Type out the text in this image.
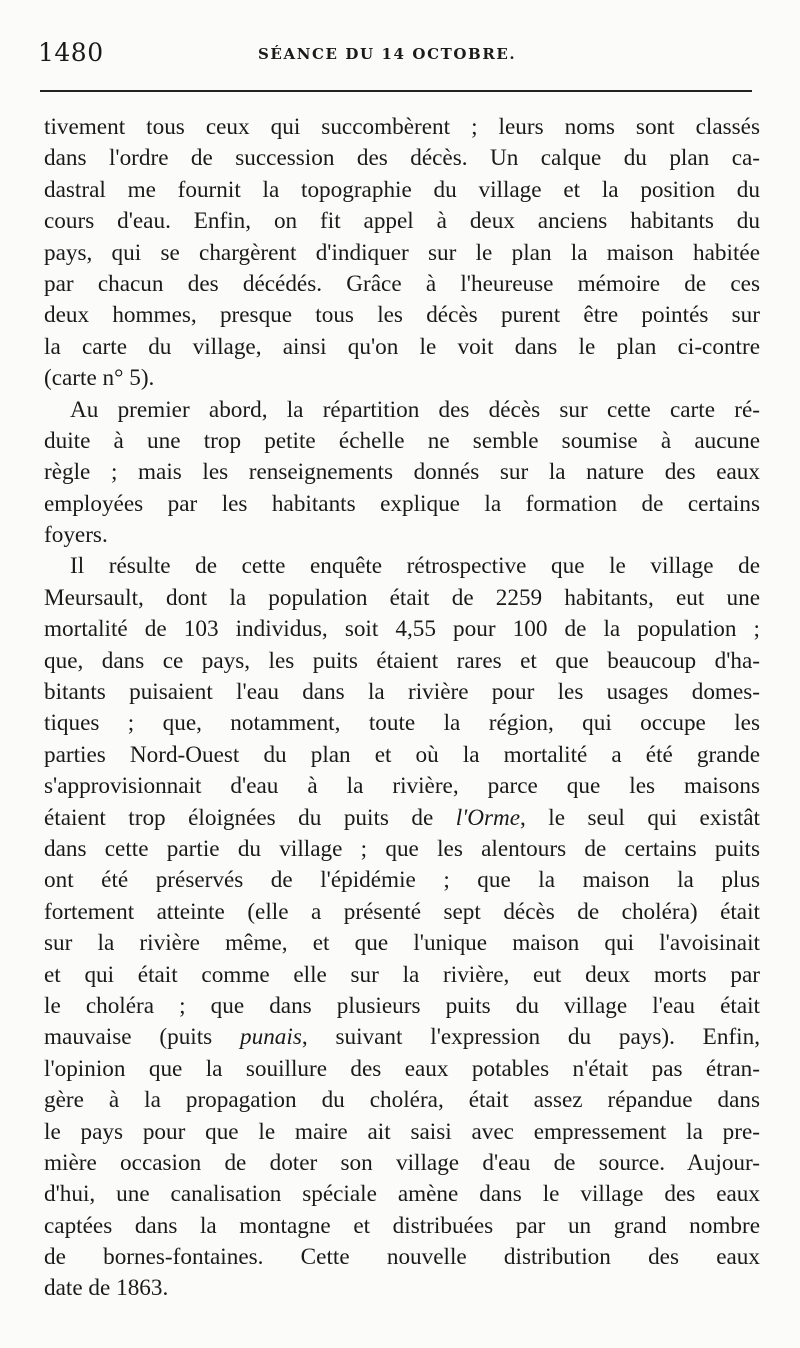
1480	SÉANCE DU 14 OCTOBRE.
tivement tous ceux qui succombèrent ; leurs noms sont classés
dans l'ordre de succession des décès. Un calque du plan ca-
dastral me fournit la topographie du village et la position du
cours d'eau. Enfin, on fit appel à deux anciens habitants du
pays, qui se chargèrent d'indiquer sur le plan la maison habitée
par chacun des décédés. Grâce à l'heureuse mémoire de ces
deux hommes, presque tous les décès purent être pointés sur
la carte du village, ainsi qu'on le voit dans le plan ci-contre
(carte n° 5).
Au premier abord, la répartition des décès sur cette carte ré-
duite à une trop petite échelle ne semble soumise à aucune
règle ; mais les renseignements donnés sur la nature des eaux
employées par les habitants explique la formation de certains
foyers.
Il résulte de cette enquête rétrospective que le village de
Meursault, dont la population était de 2259 habitants, eut une
mortalité de 103 individus, soit 4,55 pour 100 de la population ;
que, dans ce pays, les puits étaient rares et que beaucoup d'ha-
bitants puisaient l'eau dans la rivière pour les usages domes-
tiques ; que, notamment, toute la région, qui occupe les
parties Nord-Ouest du plan et où la mortalité a été grande
s'approvisionnait d'eau à la rivière, parce que les maisons
étaient trop éloignées du puits de l'Orme, le seul qui existât
dans cette partie du village ; que les alentours de certains puits
ont été préservés de l'épidémie ; que la maison la plus
fortement atteinte (elle a présenté sept décès de choléra) était
sur la rivière même, et que l'unique maison qui l'avoisinait
et qui était comme elle sur la rivière, eut deux morts par
le choléra ; que dans plusieurs puits du village l'eau était
mauvaise (puits punais, suivant l'expression du pays). Enfin,
l'opinion que la souillure des eaux potables n'était pas étran-
gère à la propagation du choléra, était assez répandue dans
le pays pour que le maire ait saisi avec empressement la pre-
mière occasion de doter son village d'eau de source. Aujour-
d'hui, une canalisation spéciale amène dans le village des eaux
captées dans la montagne et distribuées par un grand nombre
de bornes-fontaines. Cette nouvelle distribution des eaux
date de 1863.
